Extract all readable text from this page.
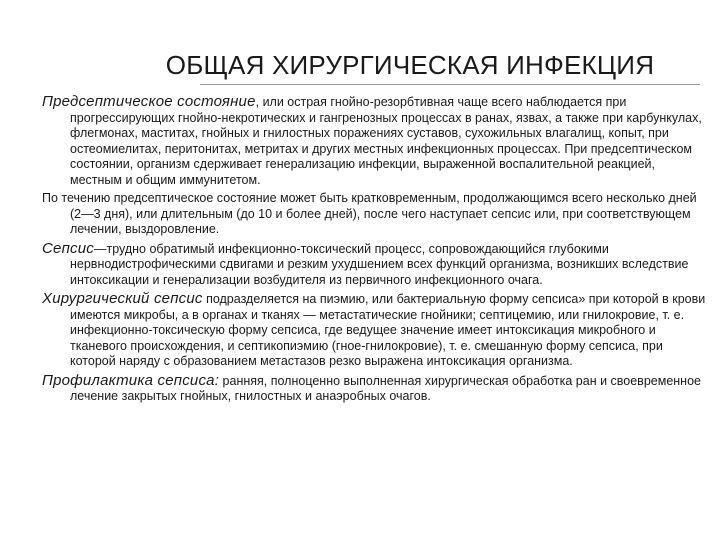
ОБЩАЯ ХИРУРГИЧЕСКАЯ ИНФЕКЦИЯ

Предсептическое состояние, или острая гнойно-резорбтивная чаще всего наблюдается при прогрессирующих гнойно-некротических и гангренозных процессах в ранах, язвах, а также при карбункулах, флегмонах, маститах, гнойных и гнилостных поражениях суставов, сухожильных влагалищ, копыт, при остеомиелитах, перитонитах, метритах и других местных инфекционных процессах. При предсептическом состоянии, организм сдерживает генерализацию инфекции, выраженной воспалительной реакцией, местным и общим иммунитетом.

По течению предсептическое состояние может быть кратковременным, продолжающимся всего несколько дней (2—3 дня), или длительным (до 10 и более дней), после чего наступает сепсис или, при соответствующем лечении, выздоровление.

Сепсис—трудно обратимый инфекционно-токсический процесс, сопровождающийся глубокими нервнодистрофическими сдвигами и резким ухудшением всех функций организма, возникших вследствие интоксикации и генерализации возбудителя из первичного инфекционного очага.

Хирургический сепсис подразделяется на пиэмию, или бактериальную форму сепсиса» при которой в крови имеются микробы, а в органах и тканях — метастатические гнойники; септицемию, или гнилокровие, т. е. инфекционно-токсическую форму сепсиса, где ведущее значение имеет интоксикация микробного и тканевого происхождения, и септикопиэмию (гное-гнилокровие), т. е. смешанную форму сепсиса, при которой наряду с образованием метастазов резко выражена интоксикация организма.

Профилактика сепсиса: ранняя, полноценно выполненная хирургическая обработка ран и своевременное лечение закрытых гнойных, гнилостных и анаэробных очагов.
